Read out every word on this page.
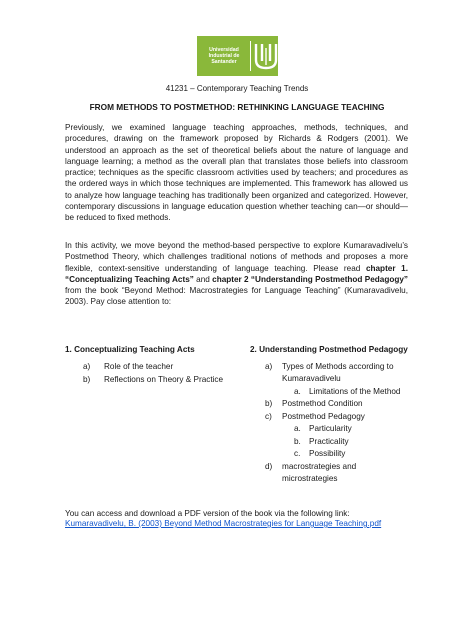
Universidad
Industrial de
Santander
41231 – Contemporary Teaching Trends
FROM METHODS TO POSTMETHOD: RETHINKING LANGUAGE TEACHING

Previously, we examined language teaching approaches, methods, techniques, and procedures, drawing on the framework proposed by Richards & Rodgers (2001). We understood an approach as the set of theoretical beliefs about the nature of language and language learning; a method as the overall plan that translates those beliefs into classroom practice; techniques as the specific classroom activities used by teachers; and procedures as the ordered ways in which those techniques are implemented. This framework has allowed us to analyze how language teaching has traditionally been organized and categorized. However, contemporary discussions in language education question whether teaching can—or should—be reduced to fixed methods.

In this activity, we move beyond the method-based perspective to explore Kumaravadivelu’s Postmethod Theory, which challenges traditional notions of methods and proposes a more flexible, context-sensitive understanding of language teaching. Please read chapter 1. “Conceptualizing Teaching Acts” and chapter 2 “Understanding Postmethod Pedagogy” from the book “Beyond Method: Macrostrategies for Language Teaching” (Kumaravadivelu, 2003). Pay close attention to:

1. Conceptualizing Teaching Acts	2. Understanding Postmethod Pedagogy
a) Role of the teacher
b) Reflections on Theory & Practice
a) Types of Methods according to
Kumaravadivelu
a. Limitations of the Method
b) Postmethod Condition
c) Postmethod Pedagogy
a. Particularity
b. Practicality
c. Possibility
d) macrostrategies and
microstrategies
You can access and download a PDF version of the book via the following link:
Kumaravadivelu, B. (2003) Beyond Method Macrostrategies for Language Teaching.pdf
